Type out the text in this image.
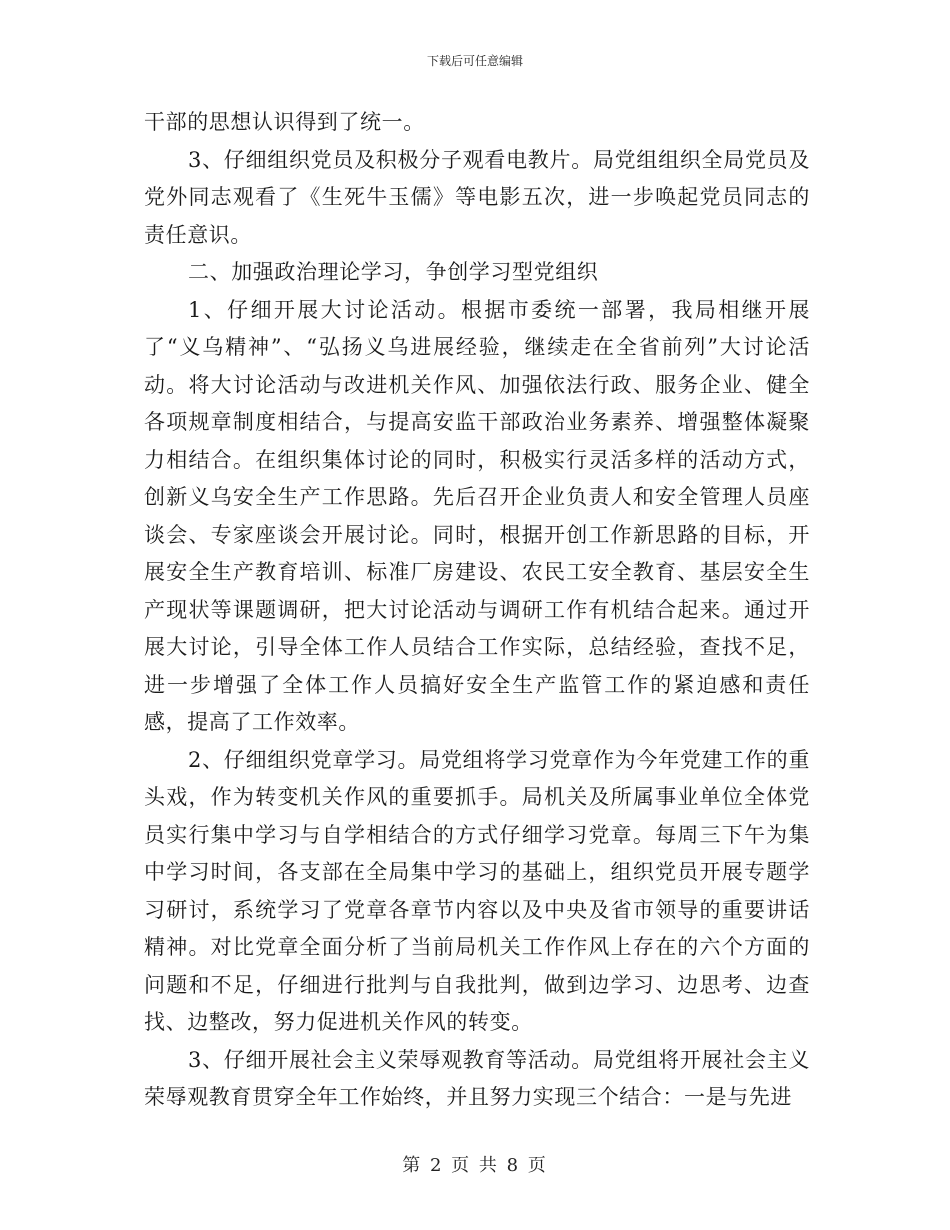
下载后可任意编辑

干部的思想认识得到了统一。

3、仔细组织党员及积极分子观看电教片。局党组组织全局党员及党外同志观看了《生死牛玉儒》等电影五次，进一步唤起党员同志的责任意识。

二、加强政治理论学习，争创学习型党组织

1、仔细开展大讨论活动。根据市委统一部署，我局相继开展了“义乌精神”、“弘扬义乌进展经验，继续走在全省前列”大讨论活动。将大讨论活动与改进机关作风、加强依法行政、服务企业、健全各项规章制度相结合，与提高安监干部政治业务素养、增强整体凝聚力相结合。在组织集体讨论的同时，积极实行灵活多样的活动方式，创新义乌安全生产工作思路。先后召开企业负责人和安全管理人员座谈会、专家座谈会开展讨论。同时，根据开创工作新思路的目标，开展安全生产教育培训、标准厂房建设、农民工安全教育、基层安全生产现状等课题调研，把大讨论活动与调研工作有机结合起来。通过开展大讨论，引导全体工作人员结合工作实际，总结经验，查找不足，进一步增强了全体工作人员搞好安全生产监管工作的紧迫感和责任感，提高了工作效率。

2、仔细组织党章学习。局党组将学习党章作为今年党建工作的重头戏，作为转变机关作风的重要抓手。局机关及所属事业单位全体党员实行集中学习与自学相结合的方式仔细学习党章。每周三下午为集中学习时间，各支部在全局集中学习的基础上，组织党员开展专题学习研讨，系统学习了党章各章节内容以及中央及省市领导的重要讲话精神。对比党章全面分析了当前局机关工作作风上存在的六个方面的问题和不足，仔细进行批判与自我批判，做到边学习、边思考、边查找、边整改，努力促进机关作风的转变。

3、仔细开展社会主义荣辱观教育等活动。局党组将开展社会主义荣辱观教育贯穿全年工作始终，并且努力实现三个结合：一是与先进

第 2 页 共 8 页
